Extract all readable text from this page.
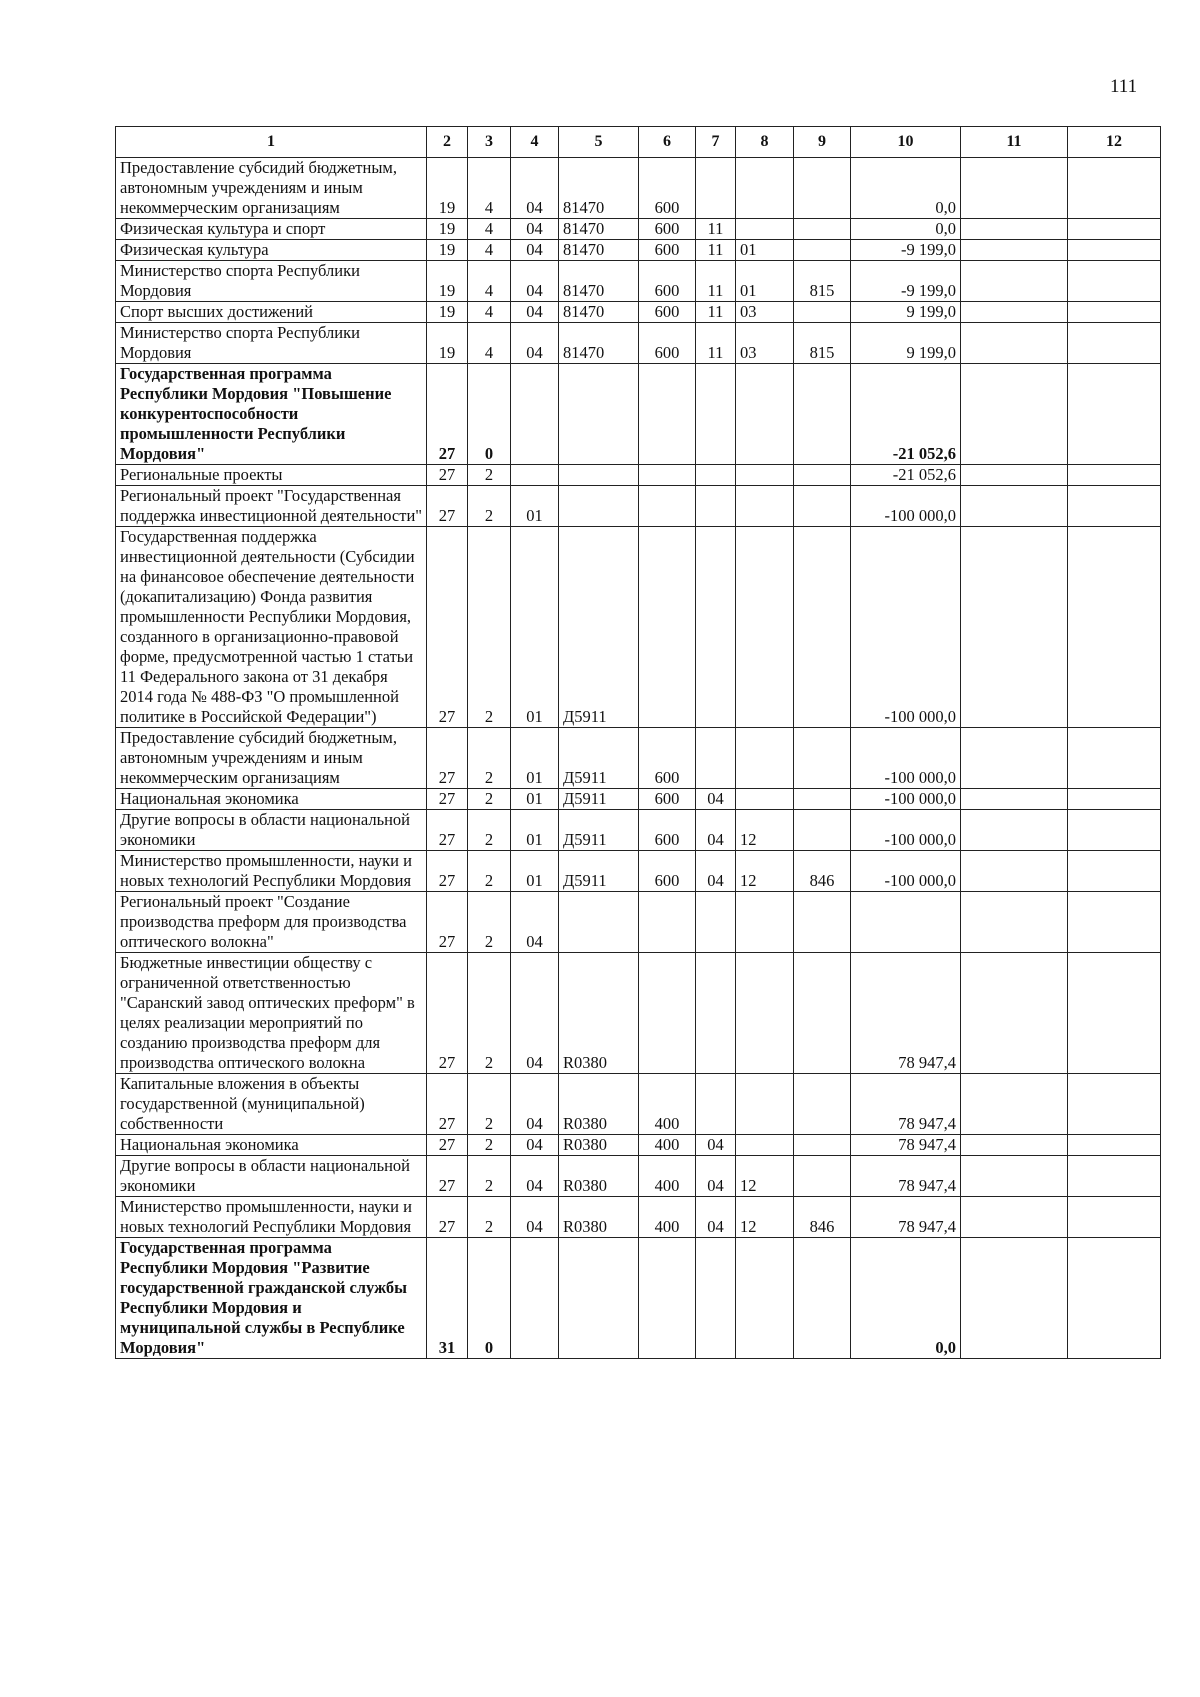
111
1	2	3	4	5	6	7	8	9	10	11	12
Предоставление субсидий бюджетным, автономным учреждениям и иным некоммерческим организациям	19	4	04	81470	600				0,0		
Физическая культура и спорт	19	4	04	81470	600	11			0,0		
Физическая культура	19	4	04	81470	600	11	01		-9 199,0		
Министерство спорта Республики Мордовия	19	4	04	81470	600	11	01	815	-9 199,0		
Спорт высших достижений	19	4	04	81470	600	11	03		9 199,0		
Министерство спорта Республики Мордовия	19	4	04	81470	600	11	03	815	9 199,0		
Государственная программа Республики Мордовия "Повышение конкурентоспособности промышленности Республики Мордовия"	27	0							-21 052,6		
Региональные проекты	27	2							-21 052,6		
Региональный проект "Государственная поддержка инвестиционной деятельности"	27	2	01						-100 000,0		
Государственная поддержка инвестиционной деятельности (Субсидии на финансовое обеспечение деятельности (докапитализацию) Фонда развития промышленности Республики Мордовия, созданного в организационно-правовой форме, предусмотренной частью 1 статьи 11 Федерального закона от 31 декабря 2014 года № 488-ФЗ "О промышленной политике в Российской Федерации")	27	2	01	Д5911					-100 000,0		
Предоставление субсидий бюджетным, автономным учреждениям и иным некоммерческим организациям	27	2	01	Д5911	600				-100 000,0		
Национальная экономика	27	2	01	Д5911	600	04			-100 000,0		
Другие вопросы в области национальной экономики	27	2	01	Д5911	600	04	12		-100 000,0		
Министерство промышленности, науки и новых технологий Республики Мордовия	27	2	01	Д5911	600	04	12	846	-100 000,0		
Региональный проект "Создание производства преформ для производства оптического волокна"	27	2	04								
Бюджетные инвестиции обществу с ограниченной ответственностью "Саранский завод оптических преформ" в целях реализации мероприятий по созданию производства преформ для производства оптического волокна	27	2	04	R0380					78 947,4		
Капитальные вложения в объекты государственной (муниципальной) собственности	27	2	04	R0380	400				78 947,4		
Национальная экономика	27	2	04	R0380	400	04			78 947,4		
Другие вопросы в области национальной экономики	27	2	04	R0380	400	04	12		78 947,4		
Министерство промышленности, науки и новых технологий Республики Мордовия	27	2	04	R0380	400	04	12	846	78 947,4		
Государственная программа Республики Мордовия "Развитие государственной гражданской службы Республики Мордовия и муниципальной службы в Республике Мордовия"	31	0							0,0		
